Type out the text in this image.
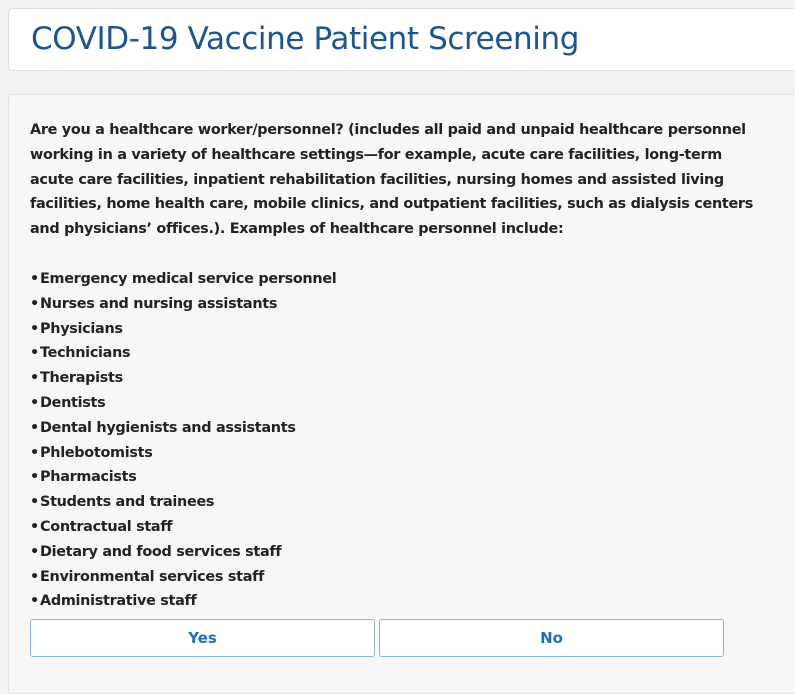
COVID-19 Vaccine Patient Screening

Are you a healthcare worker/personnel? (includes all paid and unpaid healthcare personnel working in a variety of healthcare settings—for example, acute care facilities, long-term acute care facilities, inpatient rehabilitation facilities, nursing homes and assisted living facilities, home health care, mobile clinics, and outpatient facilities, such as dialysis centers and physicians’ offices.). Examples of healthcare personnel include:

•Emergency medical service personnel
•Nurses and nursing assistants
•Physicians
•Technicians
•Therapists
•Dentists
•Dental hygienists and assistants
•Phlebotomists
•Pharmacists
•Students and trainees
•Contractual staff
•Dietary and food services staff
•Environmental services staff
•Administrative staff
Yes	No
